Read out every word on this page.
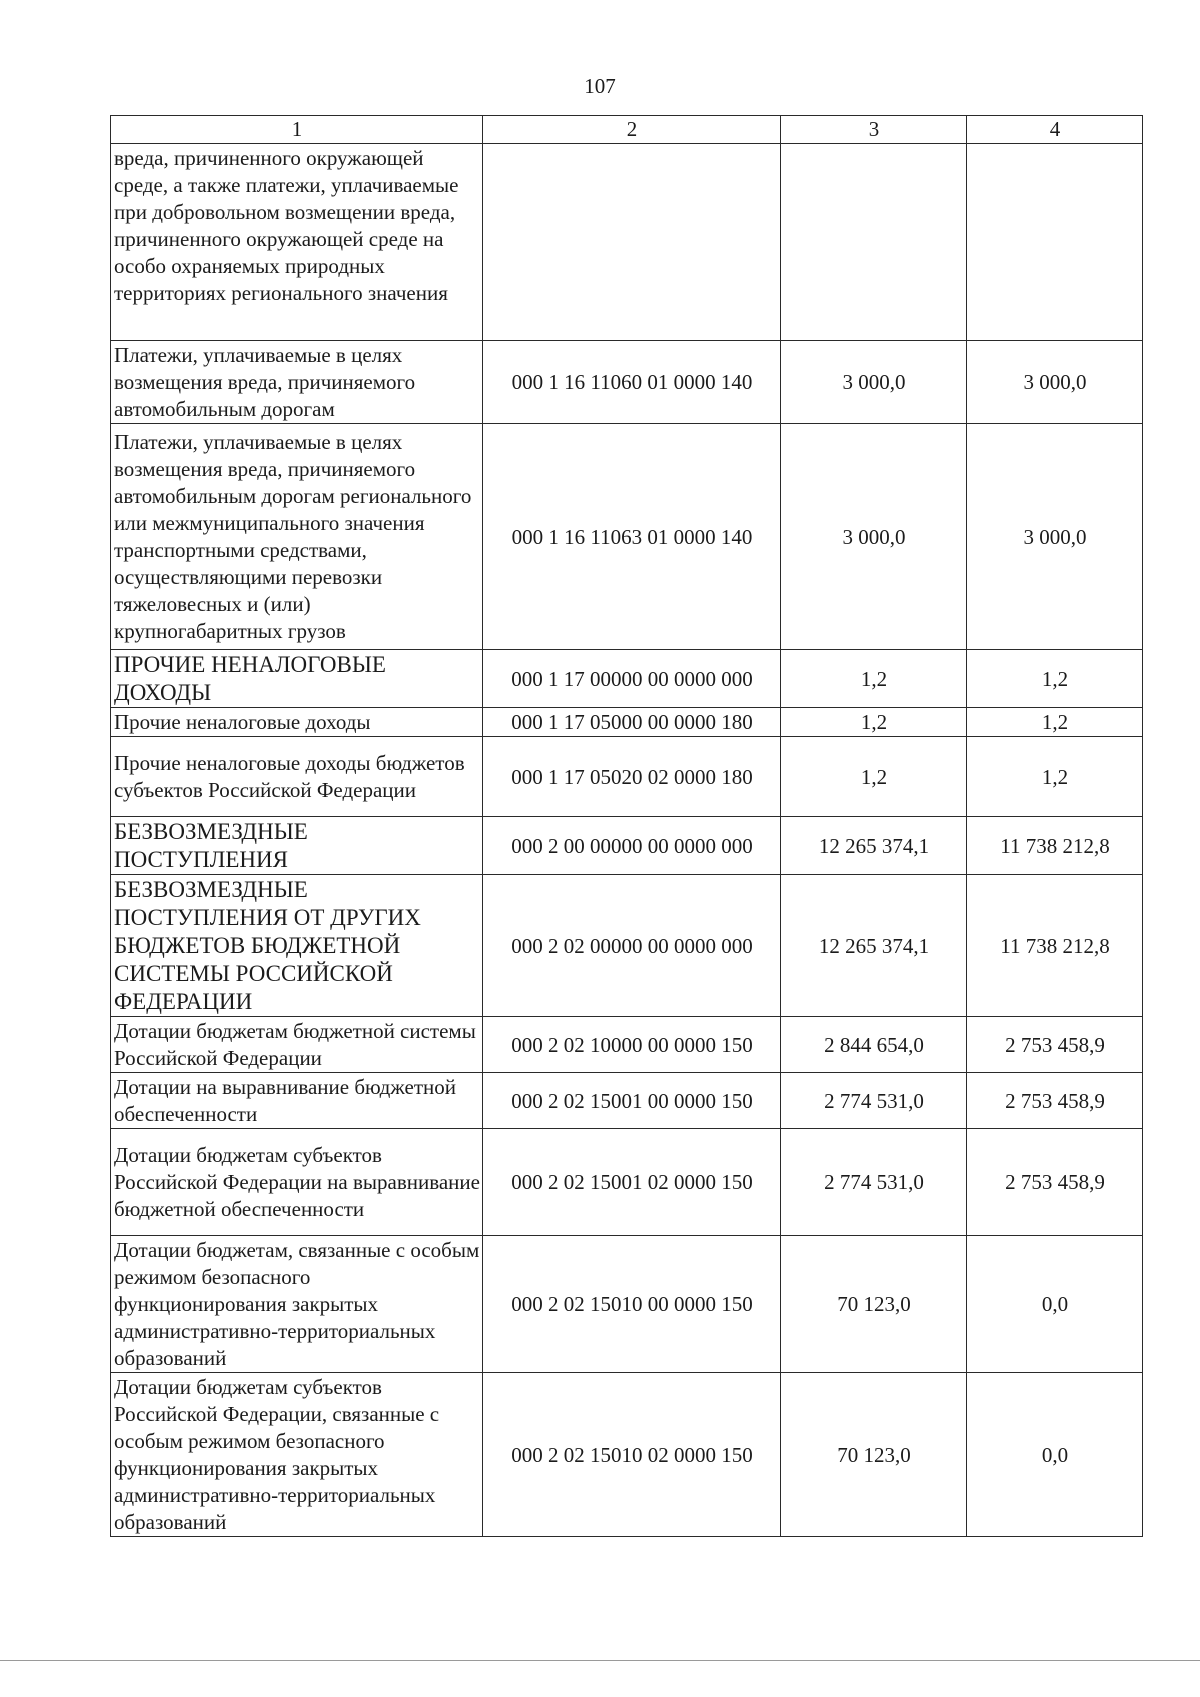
107
1	2	3	4
вреда, причиненного окружающей среде, а также платежи, уплачиваемые при добровольном возмещении вреда, причиненного окружающей среде на особо охраняемых природных территориях регионального значения			
Платежи, уплачиваемые в целях возмещения вреда, причиняемого автомобильным дорогам	000 1 16 11060 01 0000 140	3 000,0	3 000,0
Платежи, уплачиваемые в целях возмещения вреда, причиняемого автомобильным дорогам регионального или межмуниципального значения транспортными средствами, осуществляющими перевозки тяжеловесных и (или) крупногабаритных грузов	000 1 16 11063 01 0000 140	3 000,0	3 000,0
ПРОЧИЕ НЕНАЛОГОВЫЕ ДОХОДЫ	000 1 17 00000 00 0000 000	1,2	1,2
Прочие неналоговые доходы	000 1 17 05000 00 0000 180	1,2	1,2
Прочие неналоговые доходы бюджетов субъектов Российской Федерации	000 1 17 05020 02 0000 180	1,2	1,2
БЕЗВОЗМЕЗДНЫЕ ПОСТУПЛЕНИЯ	000 2 00 00000 00 0000 000	12 265 374,1	11 738 212,8
БЕЗВОЗМЕЗДНЫЕ ПОСТУПЛЕНИЯ ОТ ДРУГИХ БЮДЖЕТОВ БЮДЖЕТНОЙ СИСТЕМЫ РОССИЙСКОЙ ФЕДЕРАЦИИ	000 2 02 00000 00 0000 000	12 265 374,1	11 738 212,8
Дотации бюджетам бюджетной системы Российской Федерации	000 2 02 10000 00 0000 150	2 844 654,0	2 753 458,9
Дотации на выравнивание бюджетной обеспеченности	000 2 02 15001 00 0000 150	2 774 531,0	2 753 458,9
Дотации бюджетам субъектов Российской Федерации на выравнивание бюджетной обеспеченности	000 2 02 15001 02 0000 150	2 774 531,0	2 753 458,9
Дотации бюджетам, связанные с особым режимом безопасного функционирования закрытых административно-территориальных образований	000 2 02 15010 00 0000 150	70 123,0	0,0
Дотации бюджетам субъектов Российской Федерации, связанные с особым режимом безопасного функционирования закрытых административно-территориальных образований	000 2 02 15010 02 0000 150	70 123,0	0,0
